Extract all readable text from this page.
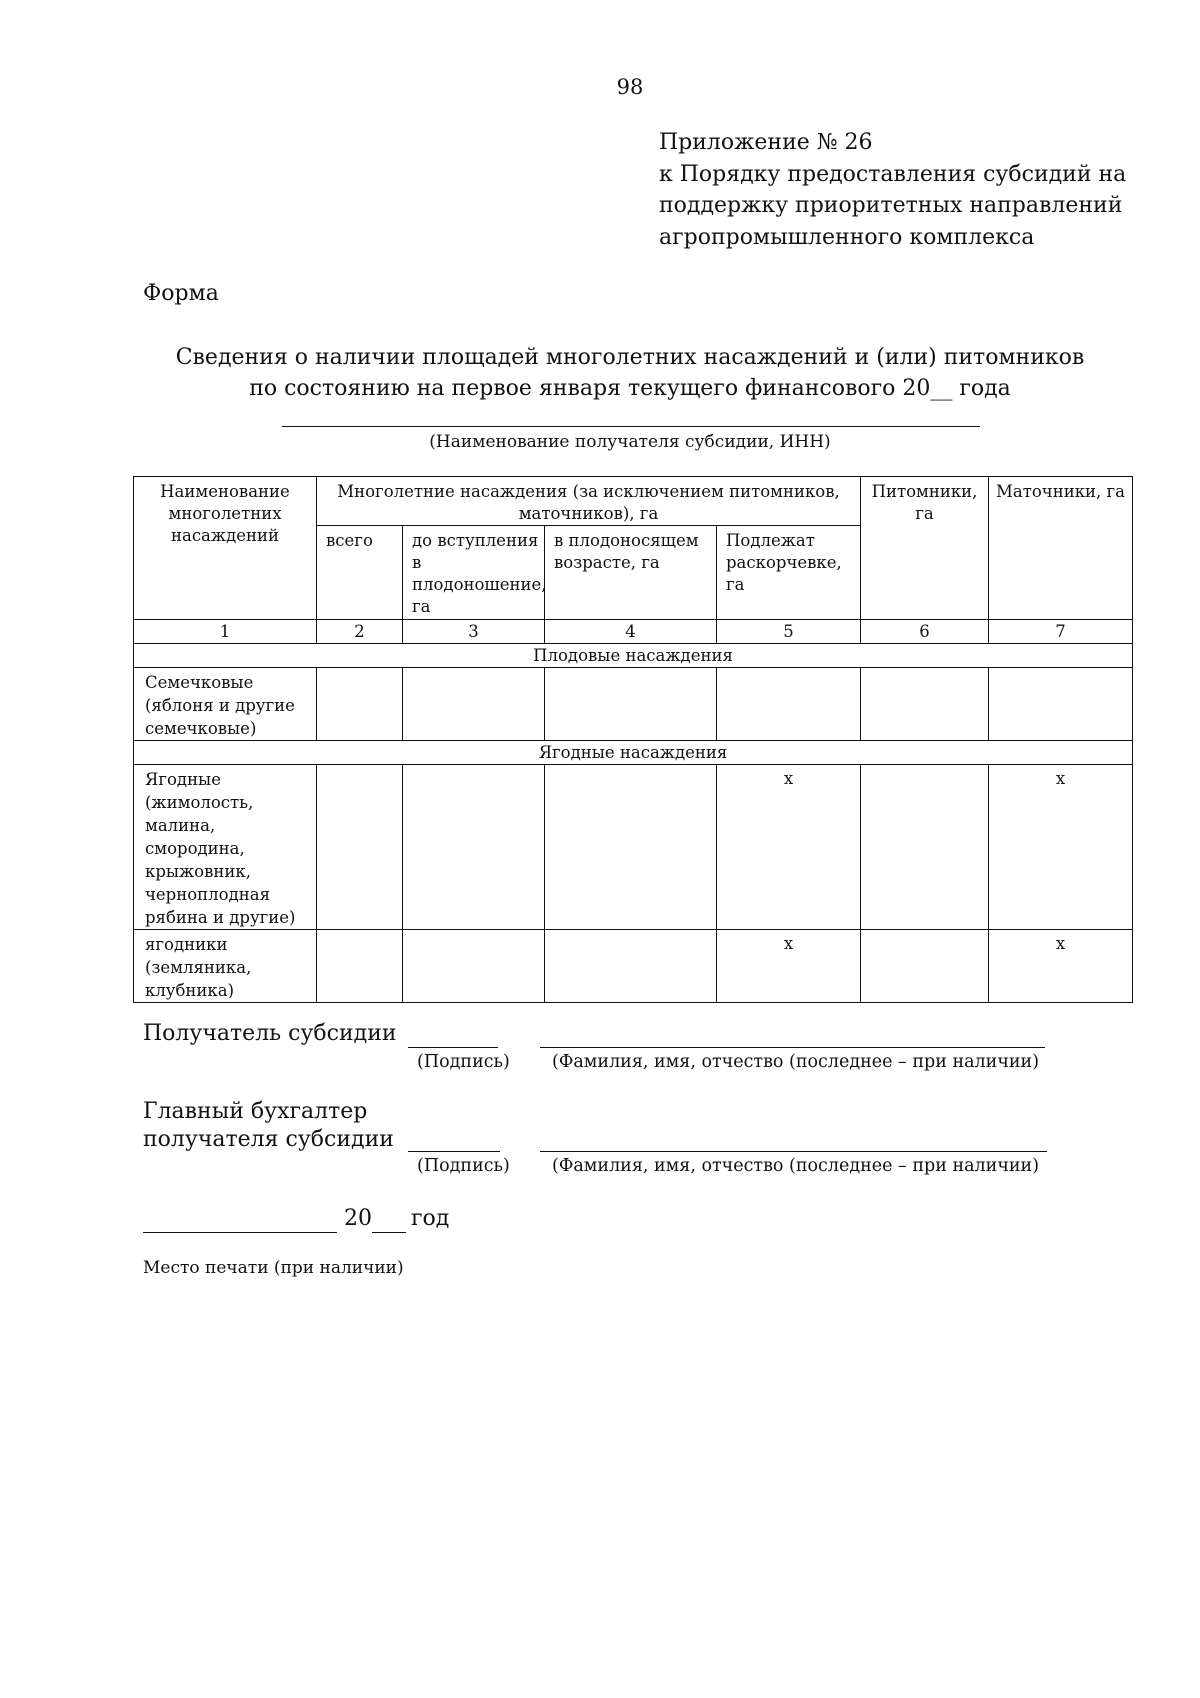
98
Приложение № 26
к Порядку предоставления субсидий на
поддержку приоритетных направлений
агропромышленного комплекса
Форма
Сведения о наличии площадей многолетних насаждений и (или) питомников
по состоянию на первое января текущего финансового 20__ года
(Наименование получателя субсидии, ИНН)
Наименование многолетних насаждений	Многолетние насаждения (за исключением питомников, маточников), га				Питомники, га	Маточники, га
	всего	до вступления в плодоношение, га	в плодоносящем возрасте, га	Подлежат раскорчевке, га		
1	2	3	4	5	6	7
Плодовые насаждения						
Семечковые (яблоня и другие семечковые)						
Ягодные насаждения						
Ягодные (жимолость, малина, смородина, крыжовник, черноплодная рябина и другие)				х		х
ягодники (земляника, клубника)				х		х
Получатель субсидии
(Подпись) (Фамилия, имя, отчество (последнее – при наличии)
Главный бухгалтер
получателя субсидии
(Подпись) (Фамилия, имя, отчество (последнее – при наличии)
20 год
Место печати (при наличии)
